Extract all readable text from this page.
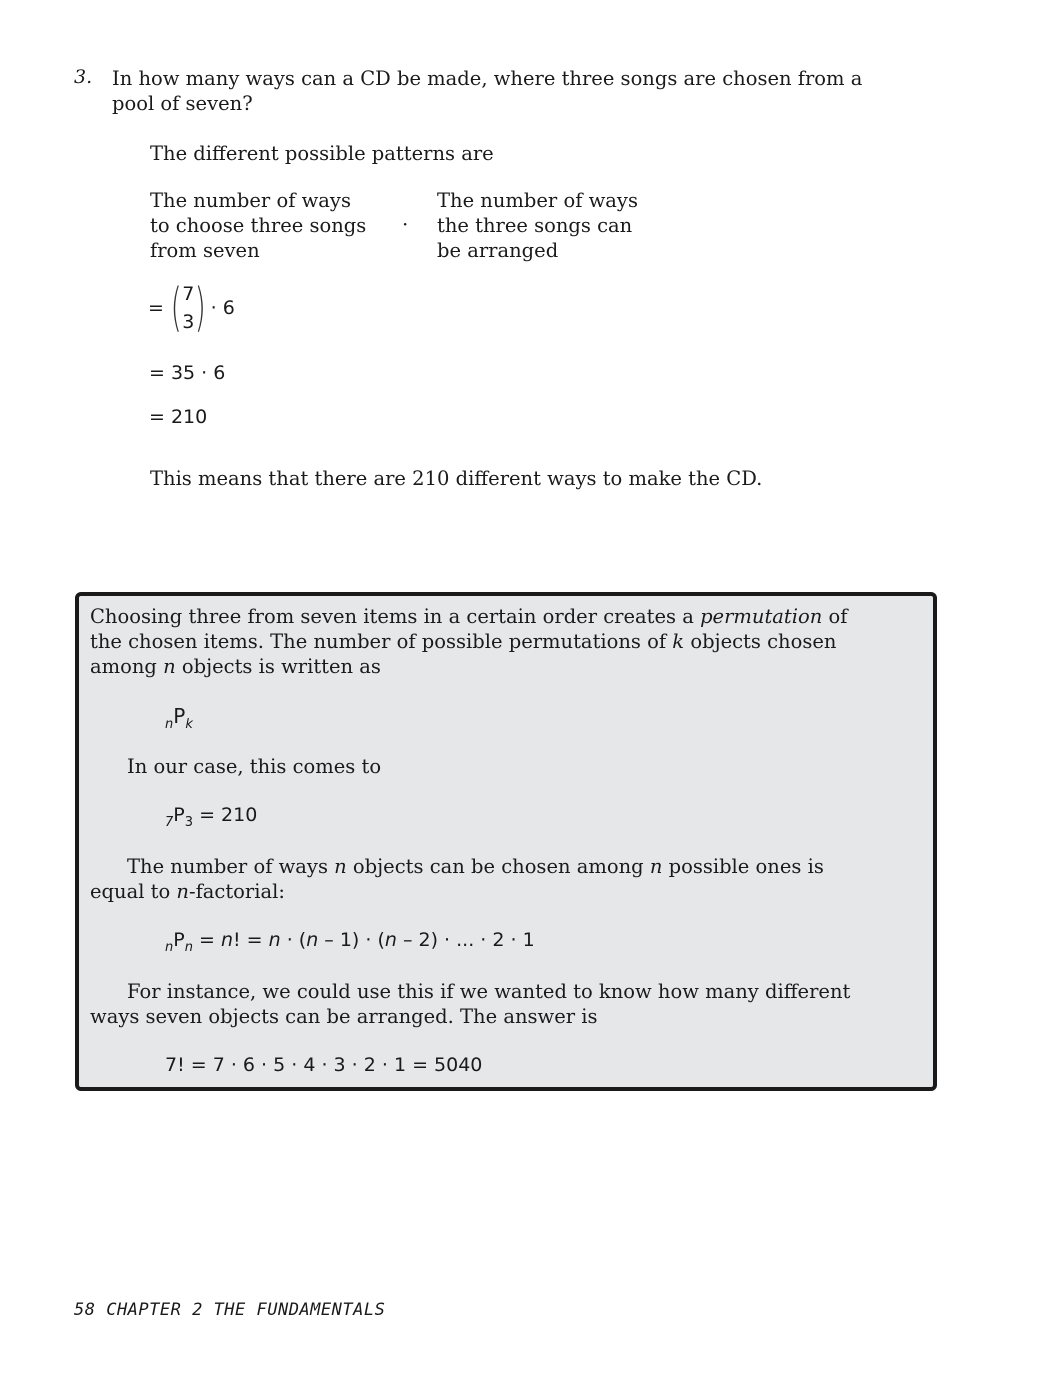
3. In how many ways can a CD be made, where three songs are chosen from a
pool of seven?
The different possible patterns are
The number of ways
to choose three songs
from seven
·
The number of ways
the three songs can
be arranged
= ( 7
3 ) · 6
= 35 · 6
= 210
This means that there are 210 different ways to make the CD.
Choosing three from seven items in a certain order creates a permutation of
the chosen items. The number of possible permutations of k objects chosen
among n objects is written as
$_nP_k$
In our case, this comes to
$_7P_3 = 210$
The number of ways n objects can be chosen among n possible ones is
equal to n-factorial:
$_nP_n = n$! = n · (n – 1) · (n – 2) · ... · 2 · 1
For instance, we could use this if we wanted to know how many different
ways seven objects can be arranged. The answer is
7! = 7 · 6 · 5 · 4 · 3 · 2 · 1 = 5040
58 CHAPTER 2 THE FUNDAMENTALS
